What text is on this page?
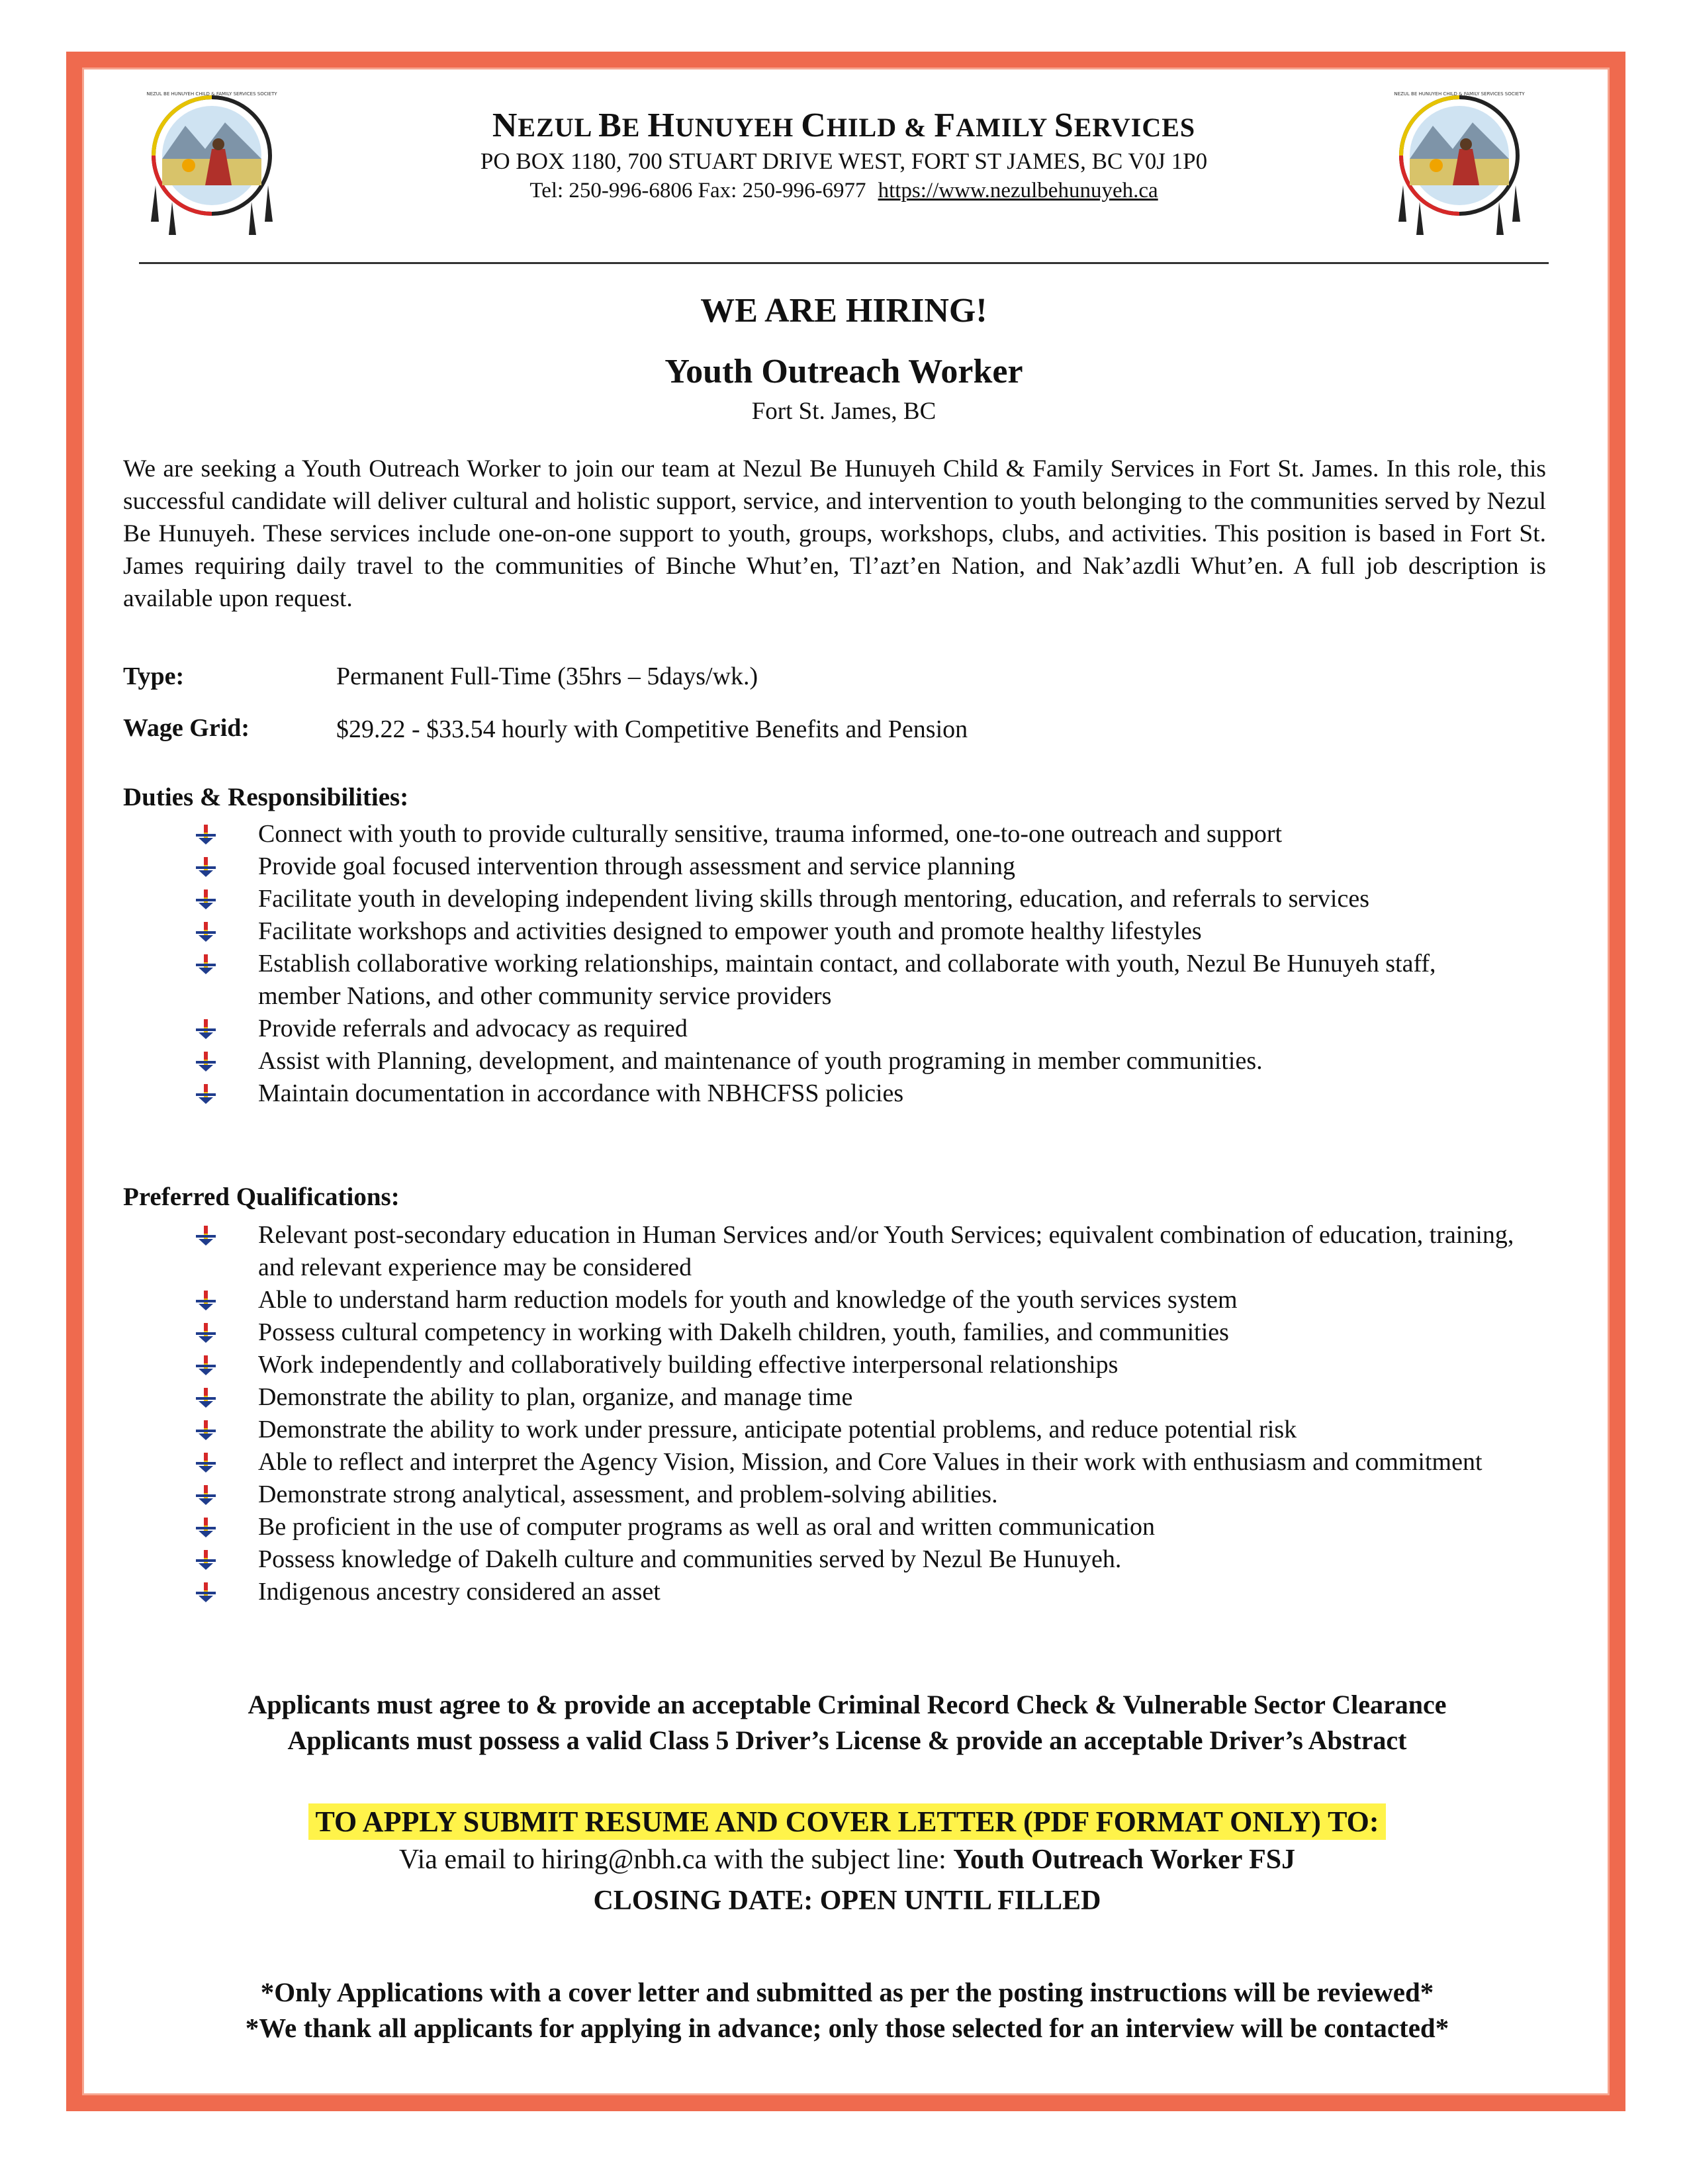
NEZUL BE HUNUYEH CHILD & FAMILY SERVICES SOCIETY	NEZUL BE HUNUYEH CHILD & FAMILY SERVICES SOCIETY
NEZUL BE HUNUYEH CHILD & FAMILY SERVICES
PO BOX 1180, 700 STUART DRIVE WEST, FORT ST JAMES, BC V0J 1P0
Tel: 250-996-6806 Fax: 250-996-6977 https://www.nezulbehunuyeh.ca
WE ARE HIRING!
Youth Outreach Worker
Fort St. James, BC
We are seeking a Youth Outreach Worker to join our team at Nezul Be Hunuyeh Child & Family Services in Fort St. James. In this role, this successful candidate will deliver cultural and holistic support, service, and intervention to youth belonging to the communities served by Nezul Be Hunuyeh. These services include one-on-one support to youth, groups, workshops, clubs, and activities. This position is based in Fort St. James requiring daily travel to the communities of Binche Whut’en, Tl’azt’en Nation, and Nak’azdli Whut’en. A full job description is available upon request.
Type:	Permanent Full-Time (35hrs – 5days/wk.)
Wage Grid:	$29.22 - $33.54 hourly with Competitive Benefits and Pension
Duties & Responsibilities:
Connect with youth to provide culturally sensitive, trauma informed, one-to-one outreach and support
Provide goal focused intervention through assessment and service planning
Facilitate youth in developing independent living skills through mentoring, education, and referrals to services
Facilitate workshops and activities designed to empower youth and promote healthy lifestyles
Establish collaborative working relationships, maintain contact, and collaborate with youth, Nezul Be Hunuyeh staff, member Nations, and other community service providers
Provide referrals and advocacy as required
Assist with Planning, development, and maintenance of youth programing in member communities.
Maintain documentation in accordance with NBHCFSS policies
Preferred Qualifications:
Relevant post-secondary education in Human Services and/or Youth Services; equivalent combination of education, training, and relevant experience may be considered
Able to understand harm reduction models for youth and knowledge of the youth services system
Possess cultural competency in working with Dakelh children, youth, families, and communities
Work independently and collaboratively building effective interpersonal relationships
Demonstrate the ability to plan, organize, and manage time
Demonstrate the ability to work under pressure, anticipate potential problems, and reduce potential risk
Able to reflect and interpret the Agency Vision, Mission, and Core Values in their work with enthusiasm and commitment
Demonstrate strong analytical, assessment, and problem-solving abilities.
Be proficient in the use of computer programs as well as oral and written communication
Possess knowledge of Dakelh culture and communities served by Nezul Be Hunuyeh.
Indigenous ancestry considered an asset
Applicants must agree to & provide an acceptable Criminal Record Check & Vulnerable Sector Clearance
Applicants must possess a valid Class 5 Driver’s License & provide an acceptable Driver’s Abstract
TO APPLY SUBMIT RESUME AND COVER LETTER (PDF FORMAT ONLY) TO:
Via email to hiring@nbh.ca with the subject line: Youth Outreach Worker FSJ
CLOSING DATE: OPEN UNTIL FILLED
*Only Applications with a cover letter and submitted as per the posting instructions will be reviewed*
*We thank all applicants for applying in advance; only those selected for an interview will be contacted*
